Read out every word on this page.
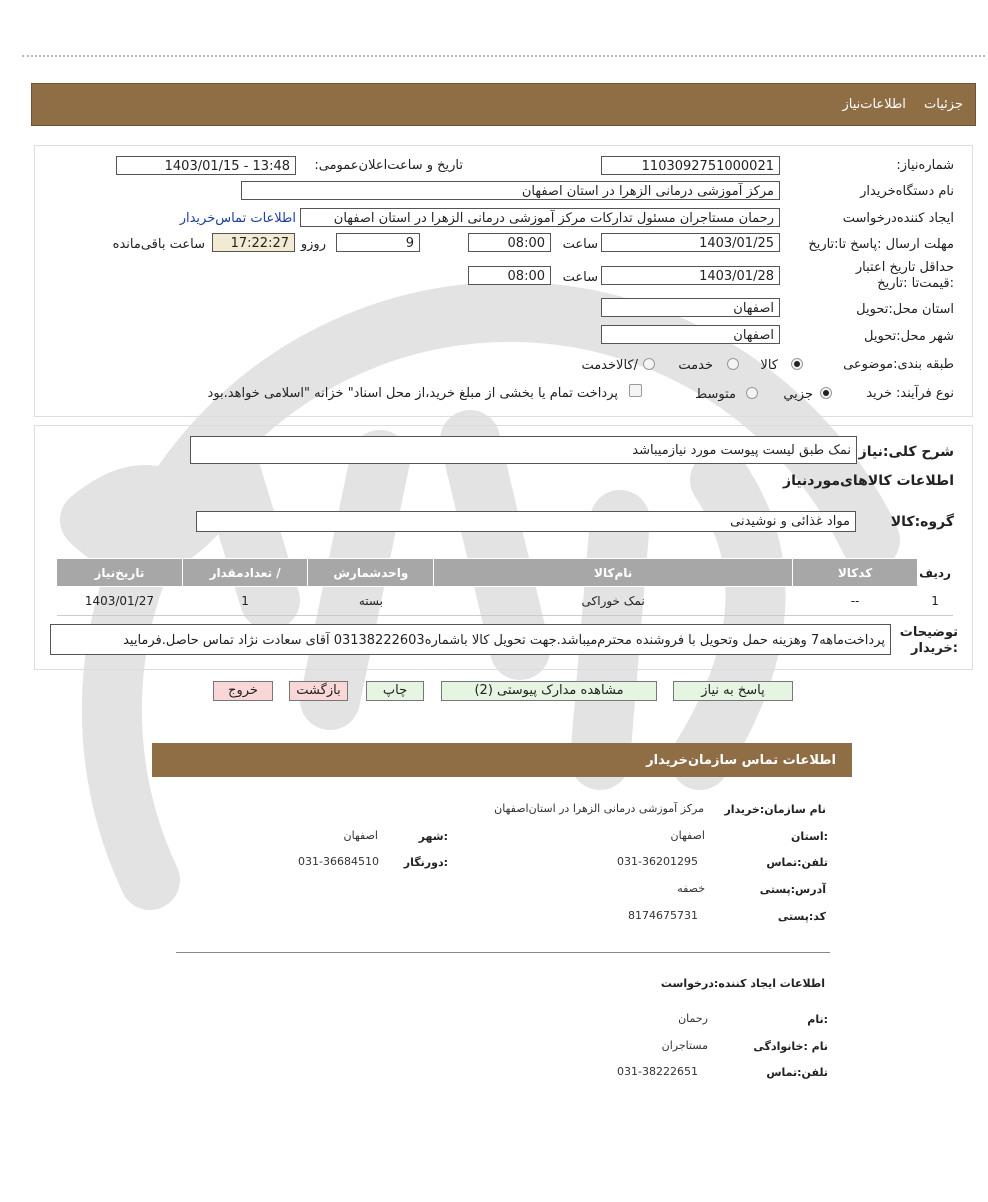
جزئیات اطلاعات‌نیاز
شماره‌نیاز:
1103092751000021
تاریخ و ساعت‌اعلان‌عمومی:
1403/01/15 - 13:48
نام دستگاه‌خریدار
مرکز آموزشی درمانی الزهرا در استان اصفهان
ایجاد کننده‌درخواست
رحمان مستاجران مسئول تدارکات مرکز آموزشی درمانی الزهرا در استان اصفهان
اطلاعات تماس‌خریدار
مهلت ارسال :پاسخ تا:تاریخ
1403/01/25
ساعت
08:00
9
روزو
17:22:27
ساعت باقی‌مانده
حداقل تاریخ اعتبار :قیمت‌تا :تاریخ
1403/01/28
ساعت
08:00
استان محل:تحویل
اصفهان
شهر محل:تحویل
اصفهان
طبقه بندی:موضوعی
کالا
خدمت
/کالاخدمت
نوع فرآیند:
خرید
جزیي
متوسط
پرداخت تمام یا بخشی از مبلغ خرید،از محل اسناد" خزانه "اسلامی خواهد.بود
شرح کلی:نیاز
نمک طبق لیست پیوست مورد نیازمیباشد
اطلاعات کالاهای‌موردنیاز
گروه:کالا
مواد غذائی و نوشیدنی
ردیف	کدکالا	نام‌کالا	واحدشمارش	/ تعدادمقدار	تاریخ‌نیاز
1	--	نمک خوراکی	بسته	1	1403/01/27
توضیحات :خریدار
پرداخت‌ماهه7 وهزینه حمل وتحویل با فروشنده محترم‌میباشد.جهت تحویل کالا باشماره03138222603 آقای سعادت نژاد تماس حاصل.فرمایید
پاسخ به نیاز
مشاهده مدارک پیوستی (2)
چاپ
بازگشت
خروج
اطلاعات تماس سازمان‌خریدار
نام سازمان:خریدار
مرکز آموزشی درمانی الزهرا در استان‌اصفهان
:استان
اصفهان
:شهر
اصفهان
تلفن:تماس
031-36201295
:دورنگار
031-36684510
آدرس:پستی
خصفه
کد:پستی
8174675731
اطلاعات ایجاد کننده:درخواست
:نام
رحمان
نام :خانوادگی
مستاجران
تلفن:تماس
031-38222651
